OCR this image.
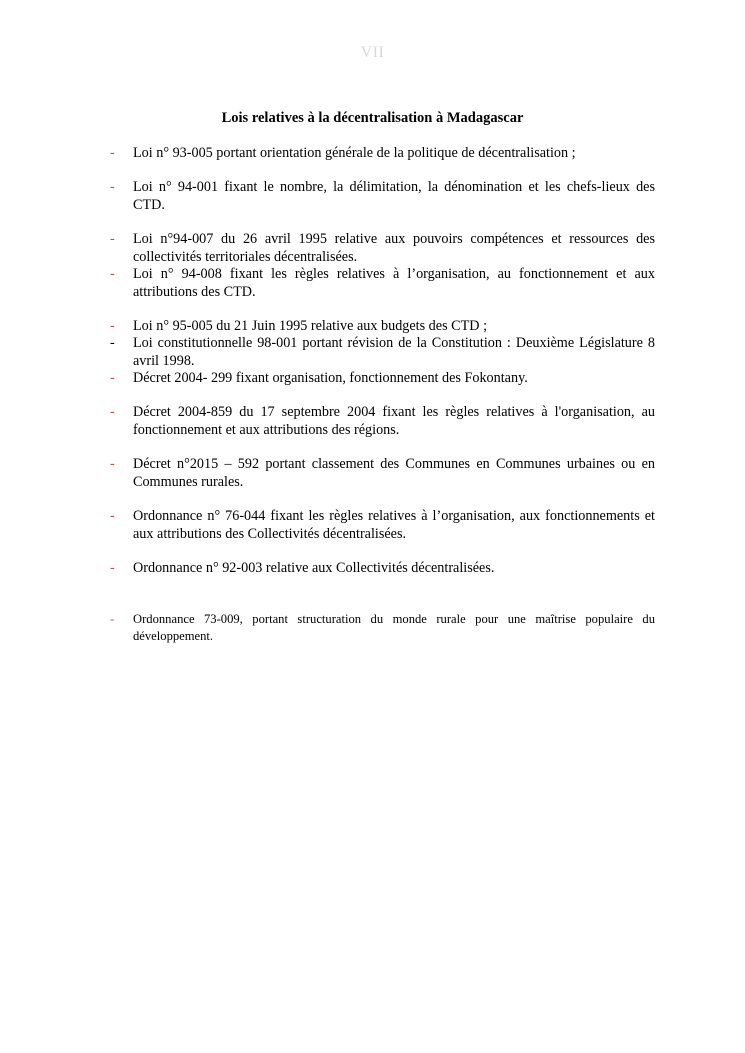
VII
Lois relatives à la décentralisation à Madagascar
- Loi n° 93-005 portant orientation générale de la politique de décentralisation ;
- Loi n° 94-001 fixant le nombre, la délimitation, la dénomination et les chefs-lieux des CTD.
- Loi n°94-007 du 26 avril 1995 relative aux pouvoirs compétences et ressources des collectivités territoriales décentralisées.
- Loi n° 94-008 fixant les règles relatives à l’organisation, au fonctionnement et aux attributions des CTD.
- Loi n° 95-005 du 21 Juin 1995 relative aux budgets des CTD ;
- Loi constitutionnelle 98-001 portant révision de la Constitution : Deuxième Législature 8 avril 1998.
- Décret 2004- 299 fixant organisation, fonctionnement des Fokontany.
- Décret 2004-859 du 17 septembre 2004 fixant les règles relatives à l'organisation, au fonctionnement et aux attributions des régions.
- Décret n°2015 – 592 portant classement des Communes en Communes urbaines ou en Communes rurales.
- Ordonnance n° 76-044 fixant les règles relatives à l’organisation, aux fonctionnements et aux attributions des Collectivités décentralisées.
- Ordonnance n° 92-003 relative aux Collectivités décentralisées.
- Ordonnance 73-009, portant structuration du monde rurale pour une maîtrise populaire du développement.
